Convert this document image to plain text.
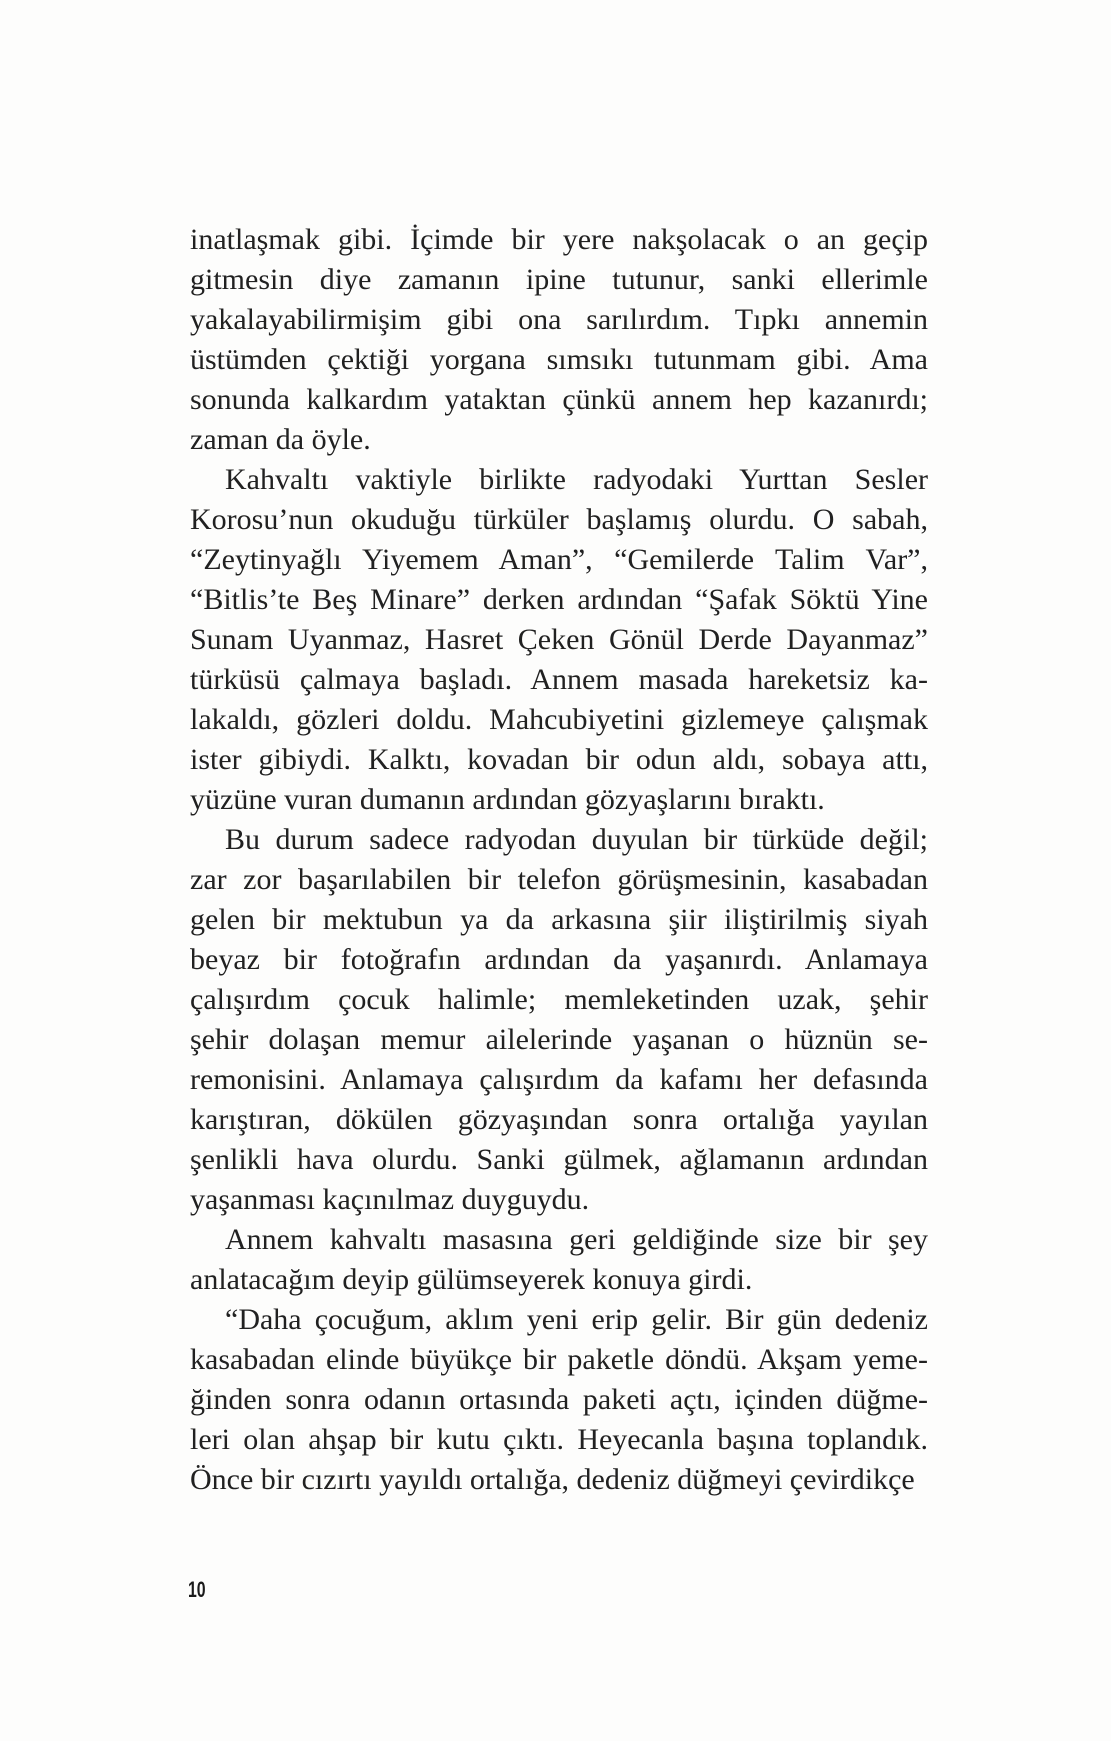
inatlaşmak gibi. İçimde bir yere nakşolacak o an geçip
gitmesin diye zamanın ipine tutunur, sanki ellerimle
yakalayabilirmişim gibi ona sarılırdım. Tıpkı annemin
üstümden çektiği yorgana sımsıkı tutunmam gibi. Ama
sonunda kalkardım yataktan çünkü annem hep kazanırdı;
zaman da öyle.
Kahvaltı vaktiyle birlikte radyodaki Yurttan Sesler
Korosu’nun okuduğu türküler başlamış olurdu. O sabah,
“Zeytinyağlı Yiyemem Aman”, “Gemilerde Talim Var”,
“Bitlis’te Beş Minare” derken ardından “Şafak Söktü Yine
Sunam Uyanmaz, Hasret Çeken Gönül Derde Dayanmaz”
türküsü çalmaya başladı. Annem masada hareketsiz ka-
lakaldı, gözleri doldu. Mahcubiyetini gizlemeye çalışmak
ister gibiydi. Kalktı, kovadan bir odun aldı, sobaya attı,
yüzüne vuran dumanın ardından gözyaşlarını bıraktı.
Bu durum sadece radyodan duyulan bir türküde değil;
zar zor başarılabilen bir telefon görüşmesinin, kasabadan
gelen bir mektubun ya da arkasına şiir iliştirilmiş siyah
beyaz bir fotoğrafın ardından da yaşanırdı. Anlamaya
çalışırdım çocuk halimle; memleketinden uzak, şehir
şehir dolaşan memur ailelerinde yaşanan o hüznün se-
remonisini. Anlamaya çalışırdım da kafamı her defasında
karıştıran, dökülen gözyaşından sonra ortalığa yayılan
şenlikli hava olurdu. Sanki gülmek, ağlamanın ardından
yaşanması kaçınılmaz duyguydu.
Annem kahvaltı masasına geri geldiğinde size bir şey
anlatacağım deyip gülümseyerek konuya girdi.
“Daha çocuğum, aklım yeni erip gelir. Bir gün dedeniz
kasabadan elinde büyükçe bir paketle döndü. Akşam yeme-
ğinden sonra odanın ortasında paketi açtı, içinden düğme-
leri olan ahşap bir kutu çıktı. Heyecanla başına toplandık.
Önce bir cızırtı yayıldı ortalığa, dedeniz düğmeyi çevirdikçe
10
